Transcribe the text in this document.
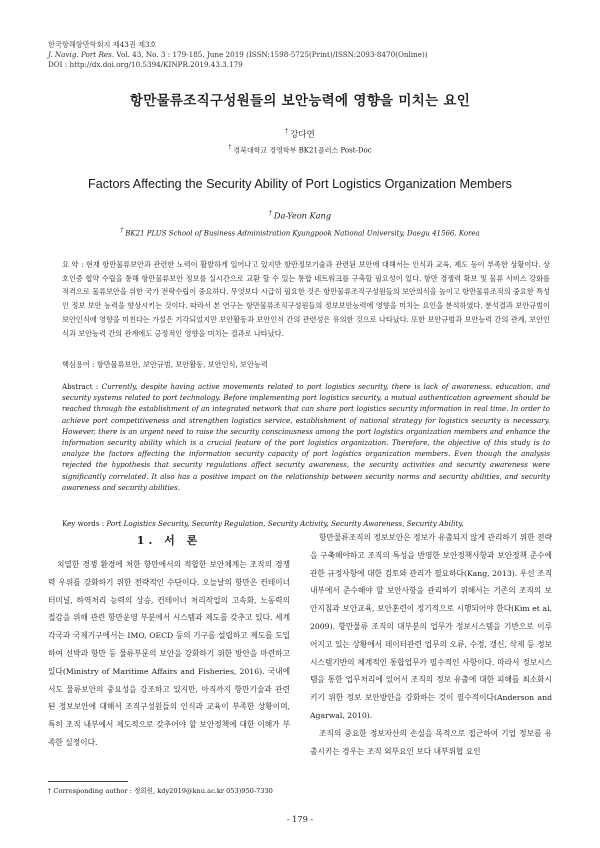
한국항해항만학회지 제43권 제3호
J. Navig. Port Res. Vol. 43, No. 3 : 179-185, June 2019 (ISSN:1598-5725(Print)/ISSN:2093-8470(Online))
DOI : http://dx.doi.org/10.5394/KINPR.2019.43.3.179
항만물류조직구성원들의 보안능력에 영향을 미치는 요인
† 강다연
† 경북대학교 경영학부 BK21플러스 Post-Doc
Factors Affecting the Security Ability of Port Logistics Organization Members
† Da-Yeon Kang
† BK21 PLUS School of Business Administration Kyungpook National University, Daegu 41566, Korea
요 약 : 현재 항만물류보안과 관련한 노력이 활발하게 일어나고 있지만 항만정보기술과 관련된 보안에 대해서는 인식과 교육, 제도 등이 부족한 상황이다. 상호인증 협약 수립을 통해 항만물류보안 정보를 실시간으로 교환 할 수 있는 통합 네트워크를 구축할 필요성이 있다. 항만 경쟁력 확보 및 물류 서비스 강화를 적격으로 물류보안을 위한 국가 전략수립이 중요하다. 무엇보다 시급히 필요한 것은 항만물류조직구성원들의 보안의식을 높이고 항만물류조직의 중요한 특성인 정보 보안 능력을 향상시키는 것이다. 따라서 본 연구는 항만물류조직구성원들의 정보보안능력에 영향을 미치는 요인을 분석하였다. 분석결과 보안규범이 보안인식에 영향을 미친다는 가설은 기각되었지만 보안활동과 보안인식 간의 관련성은 유의한 것으로 나타났다. 또한 보안규범과 보안능력 간의 관계, 보안인식과 보안능력 간의 관계에도 긍정적인 영향을 미치는 결과로 나타났다.
핵심용어 : 항만물류보안, 보안규범, 보안활동, 보안인식, 보안능력
Abstract : Currently, despite having active movements related to port logistics security, there is lack of awareness, education, and security systems related to port technology. Before implementing port logistics security, a mutual authentication agreement should be reached through the establishment of an integrated network that can share port logistics security information in real time. In order to achieve port competitiveness and strengthen logistics service, establishment of national strategy for logistics security is necessary. However, there is an urgent need to raise the security consciousness among the port logistics organization members and enhance the information security ability which is a crucial feature of the port logistics organization. Therefore, the objective of this study is to analyze the factors affecting the information security capacity of port logistics organization members. Even though the analysis rejected the hypothesis that security regulations affect security awareness, the security activities and security awareness were significantly correlated. It also has a positive impact on the relationship between security norms and security abilities, and security awareness and security abilities.
Key words : Port Logistics Security, Security Regulation, Security Activity, Security Awareness, Security Ability.
1. 서 론

치열한 경쟁 환경에 처한 항만에서의 적합한 보안체계는 조직의 경쟁력 우위를 강화하기 위한 전략적인 수단이다. 오늘날의 항만은 컨테이너 터미널, 하역처리 능력의 상승, 컨테이너 처리작업의 고속화, 노동력의 절감을 위해 관련 항만운영 부분에서 시스템과 제도를 갖추고 있다. 세계 각국과 국제기구에서는 IMO, OECD 등의 기구를 설립하고 제도를 도입하여 선박과 항만 등 물류부문의 보안을 강화하기 위한 방안을 마련하고 있다(Ministry of Maritime Affairs and Fisheries, 2016). 국내에서도 물류보안의 중요성을 강조하고 있지만, 아직까지 항만기술과 관련된 정보보안에 대해서 조직구성원들의 인식과 교육이 부족한 상황이며, 특히 조직 내부에서 제도적으로 갖추어야 할 보안정책에 대한 이해가 부족한 실정이다.

항만물류조직의 정보보안은 정보가 유출되지 않게 관리하기 위한 전략을 구축해야하고 조직의 특성을 반영한 보안정책사항과 보안정책 준수에 관한 규정사항에 대한 검토와 관리가 필요하다(Kang, 2013). 우선 조직내부에서 준수해야 할 보안사항을 관리하기 위해서는 기존의 조직의 보안지침과 보안교육, 보안훈련이 정기적으로 시행되어야 한다(Kim et al, 2009). 항만물류 조직의 대부분의 업무가 정보시스템을 기반으로 이루어지고 있는 상황에서 데이터관련 업무의 오류, 수정, 갱신, 삭제 등 정보시스템기반의 체계적인 통합업무가 필수적인 사항이다. 따라서 정보시스템을 통한 업무처리에 있어서 조직의 정보 유출에 대한 피해를 최소화시키기 위한 정보 보안방안을 강화하는 것이 필수적이다(Anderson and Agarwal, 2010).

조직의 중요한 정보자산의 손실을 목적으로 접근하여 기업 정보를 유출시키는 경우는 조직 외부요인 보다 내부위협 요인

† Corresponding author : 정회원, kdy2019@knu.ac.kr 053)950-7330
- 179 -
